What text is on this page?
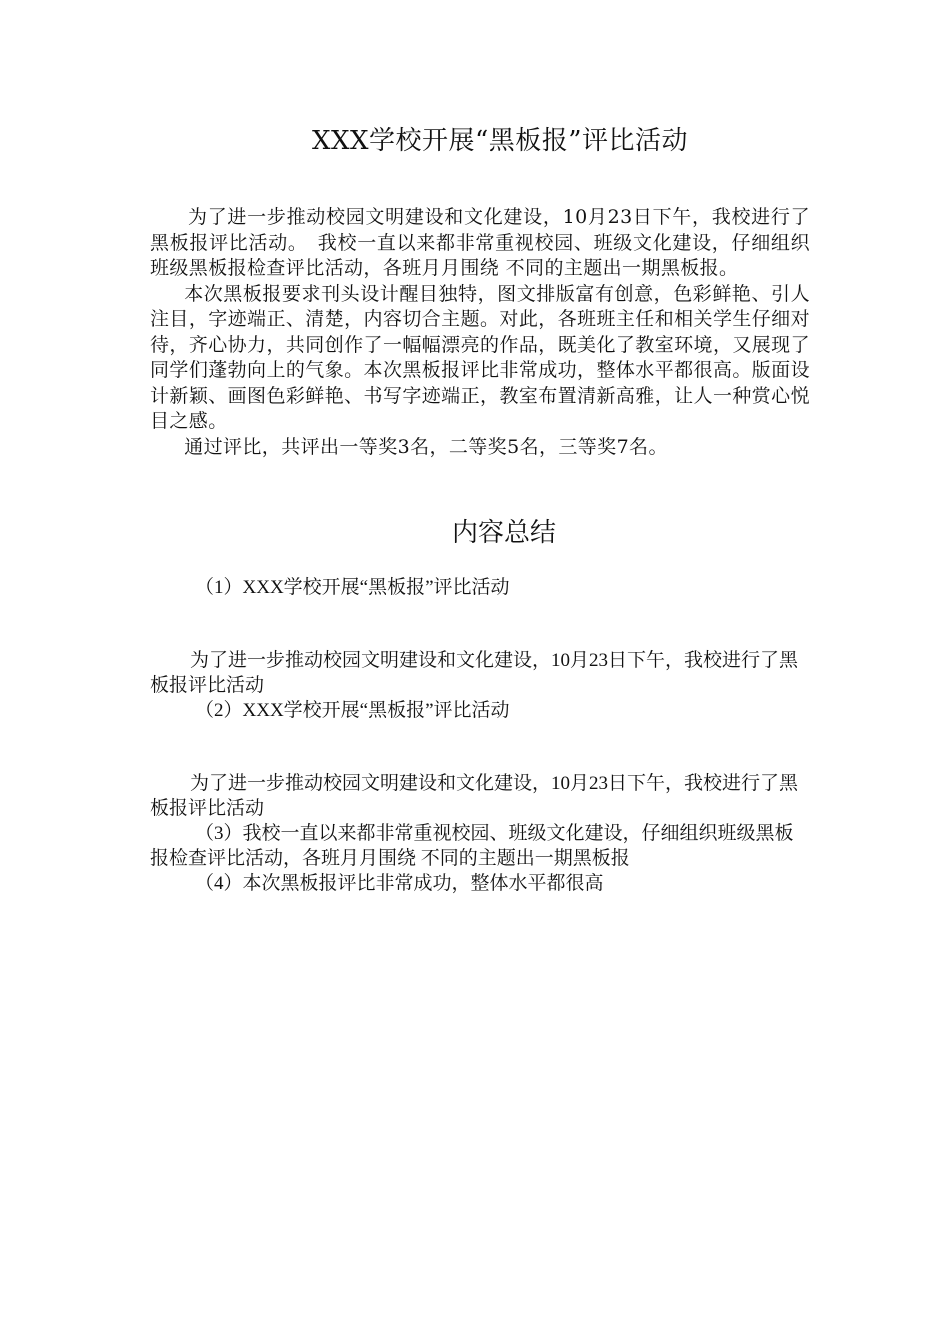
XXX学校开展“黑板报”评比活动

为了进一步推动校园文明建设和文化建设，10月23日下午，我校进行了黑板报评比活动。　我校一直以来都非常重视校园、班级文化建设，仔细组织班级黑板报检查评比活动，各班月月围绕 不同的主题出一期黑板报。

本次黑板报要求刊头设计醒目独特，图文排版富有创意，色彩鲜艳、引人注目，字迹端正、清楚，内容切合主题。对此，各班班主任和相关学生仔细对待，齐心协力，共同创作了一幅幅漂亮的作品，既美化了教室环境，又展现了同学们蓬勃向上的气象。本次黑板报评比非常成功，整体水平都很高。版面设计新颖、画图色彩鲜艳、书写字迹端正，教室布置清新高雅，让人一种赏心悦目之感。

通过评比，共评出一等奖3名，二等奖5名，三等奖7名。

内容总结

（1）XXX学校开展“黑板报”评比活动

为了进一步推动校园文明建设和文化建设，10月23日下午，我校进行了黑板报评比活动

（2）XXX学校开展“黑板报”评比活动

为了进一步推动校园文明建设和文化建设，10月23日下午，我校进行了黑板报评比活动

（3）我校一直以来都非常重视校园、班级文化建设，仔细组织班级黑板报检查评比活动，各班月月围绕 不同的主题出一期黑板报

（4）本次黑板报评比非常成功，整体水平都很高
